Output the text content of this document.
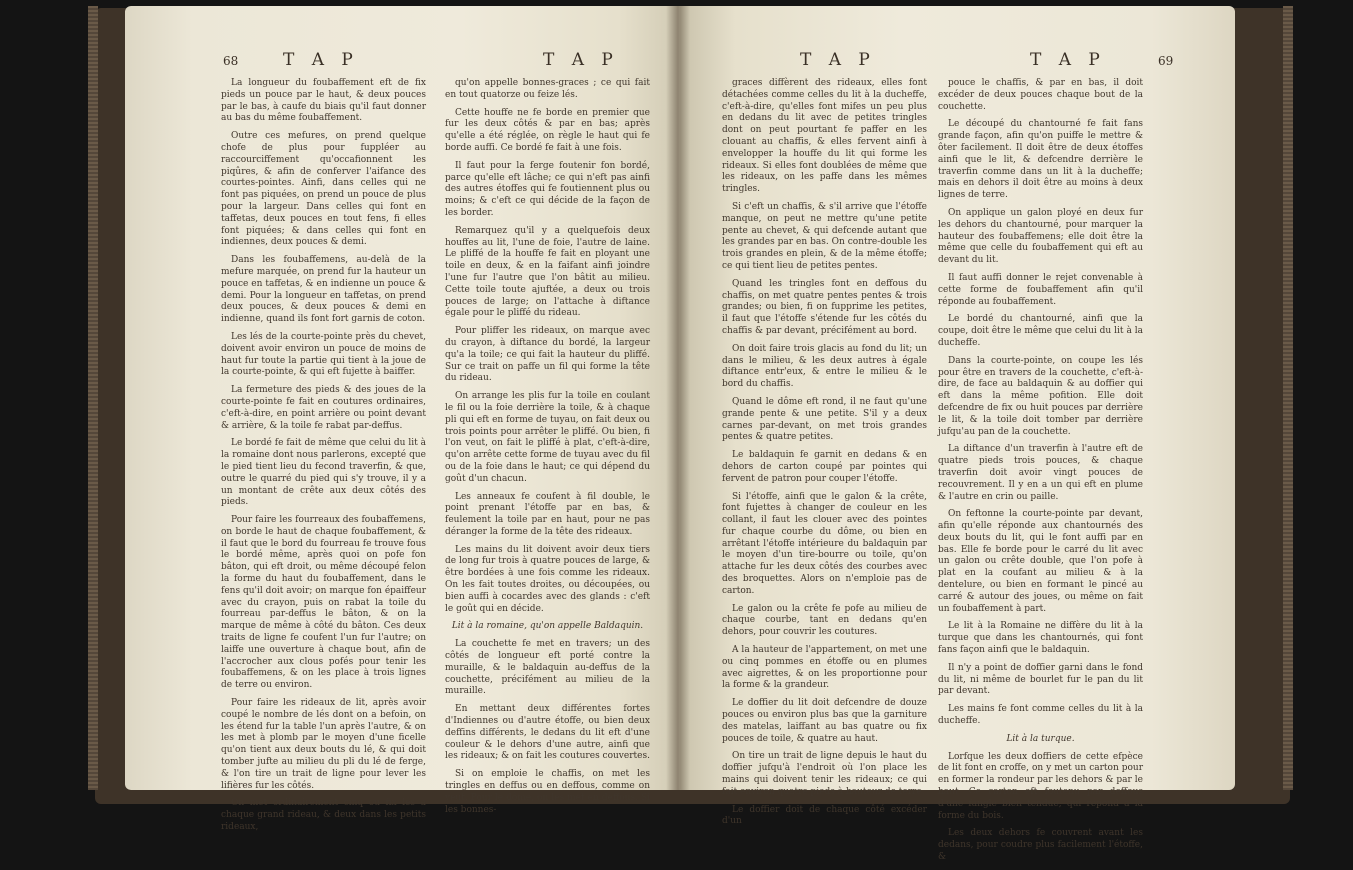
68	T A P	T A P

La longueur du foubaffement eft de fix pieds un pouce par le haut, & deux pouces par le bas, à caufe du biais qu'il faut donner au bas du même foubaffement.

Outre ces mefures, on prend quelque chofe de plus pour fuppléer au raccourciffement qu'occafionnent les piqûres, & afin de conferver l'aifance des courtes-pointes. Ainfi, dans celles qui ne font pas piquées, on prend un pouce de plus pour la largeur. Dans celles qui font en taffetas, deux pouces en tout fens, fi elles font piquées; & dans celles qui font en indiennes, deux pouces & demi.

Dans les foubaffemens, au-delà de la mefure marquée, on prend fur la hauteur un pouce en taffetas, & en indienne un pouce & demi. Pour la longueur en taffetas, on prend deux pouces, & deux pouces & demi en indienne, quand ils font fort garnis de coton.

Les lés de la courte-pointe près du chevet, doivent avoir environ un pouce de moins de haut fur toute la partie qui tient à la joue de la courte-pointe, & qui eft fujette à baiffer.

La fermeture des pieds & des joues de la courte-pointe fe fait en coutures ordinaires, c'eft-à-dire, en point arrière ou point devant & arrière, & la toile fe rabat par-deffus.

Le bordé fe fait de même que celui du lit à la romaine dont nous parlerons, excepté que le pied tient lieu du fecond traverfin, & que, outre le quarré du pied qui s'y trouve, il y a un montant de crête aux deux côtés des pieds.

Pour faire les fourreaux des foubaffemens, on borde le haut de chaque foubaffement, & il faut que le bord du fourreau fe trouve fous le bordé même, après quoi on pofe fon bâton, qui eft droit, ou même découpé felon la forme du haut du foubaffement, dans le fens qu'il doit avoir; on marque fon épaiffeur avec du crayon, puis on rabat la toile du fourreau par-deffus le bâton, & on la marque de même à côté du bâton. Ces deux traits de ligne fe coufent l'un fur l'autre; on laiffe une ouverture à chaque bout, afin de l'accrocher aux clous pofés pour tenir les foubaffemens, & on les place à trois lignes de terre ou environ.

Pour faire les rideaux de lit, après avoir coupé le nombre de lés dont on a befoin, on les étend fur la table l'un après l'autre, & on les met à plomb par le moyen d'une ficelle qu'on tient aux deux bouts du lé, & qui doit tomber jufte au milieu du pli du lé de ferge, & l'on tire un trait de ligne pour lever les lifières fur les côtés.

On met ordinairement cinq ou fix lés à chaque grand rideau, & deux dans les petits rideaux,

qu'on appelle bonnes-graces ; ce qui fait en tout quatorze ou feize lés.

Cette houffe ne fe borde en premier que fur les deux côtés & par en bas; après qu'elle a été réglée, on règle le haut qui fe borde auffi. Ce bordé fe fait à une fois.

Il faut pour la ferge foutenir fon bordé, parce qu'elle eft lâche; ce qui n'eft pas ainfi des autres étoffes qui fe foutiennent plus ou moins; & c'eft ce qui décide de la façon de les border.

Remarquez qu'il y a quelquefois deux houffes au lit, l'une de foie, l'autre de laine. Le pliffé de la houffe fe fait en ployant une toile en deux, & en la faifant ainfi joindre l'une fur l'autre que l'on bâtit au milieu. Cette toile toute ajuftée, a deux ou trois pouces de large; on l'attache à diftance égale pour le pliffé du rideau.

Pour pliffer les rideaux, on marque avec du crayon, à diftance du bordé, la largeur qu'a la toile; ce qui fait la hauteur du pliffé. Sur ce trait on paffe un fil qui forme la tête du rideau.

On arrange les plis fur la toile en coulant le fil ou la foie derrière la toile, & à chaque pli qui eft en forme de tuyau, on fait deux ou trois points pour arrêter le pliffé. Ou bien, fi l'on veut, on fait le pliffé à plat, c'eft-à-dire, qu'on arrête cette forme de tuyau avec du fil ou de la foie dans le haut; ce qui dépend du goût d'un chacun.

Les anneaux fe coufent à fil double, le point prenant l'étoffe par en bas, & feulement la toile par en haut, pour ne pas déranger la forme de la tête des rideaux.

Les mains du lit doivent avoir deux tiers de long fur trois à quatre pouces de large, & être bordées à une fois comme les rideaux. On les fait toutes droites, ou découpées, ou bien auffi à cocardes avec des glands : c'eft le goût qui en décide.

Lit à la romaine, qu'on appelle Baldaquin.

La couchette fe met en travers; un des côtés de longueur eft porté contre la muraille, & le baldaquin au-deffus de la couchette, précifément au milieu de la muraille.

En mettant deux différentes fortes d'Indiennes ou d'autre étoffe, ou bien deux deffins différents, le dedans du lit eft d'une couleur & le dehors d'une autre, ainfi que les rideaux; & on fait les coutures couvertes.

Si on emploie le chaffis, on met les tringles en deffus ou en deffous, comme on veut. Pour le dôme, on les met en deffous. Si les bonnes-

T A P	T A P	69

graces diffèrent des rideaux, elles font détachées comme celles du lit à la ducheffe, c'eft-à-dire, qu'elles font mifes un peu plus en dedans du lit avec de petites tringles dont on peut pourtant fe paffer en les clouant au chaffis, & elles fervent ainfi à envelopper la houffe du lit qui forme les rideaux. Si elles font doublées de même que les rideaux, on les paffe dans les mêmes tringles.

Si c'eft un chaffis, & s'il arrive que l'étoffe manque, on peut ne mettre qu'une petite pente au chevet, & qui defcende autant que les grandes par en bas. On contre-double les trois grandes en plein, & de la même étoffe; ce qui tient lieu de petites pentes.

Quand les tringles font en deffous du chaffis, on met quatre pentes pentes & trois grandes; ou bien, fi on fupprime les petites, il faut que l'étoffe s'étende fur les côtés du chaffis & par devant, précifément au bord.

On doit faire trois glacis au fond du lit; un dans le milieu, & les deux autres à égale diftance entr'eux, & entre le milieu & le bord du chaffis.

Quand le dôme eft rond, il ne faut qu'une grande pente & une petite. S'il y a deux carnes par-devant, on met trois grandes pentes & quatre petites.

Le baldaquin fe garnit en dedans & en dehors de carton coupé par pointes qui fervent de patron pour couper l'étoffe.

Si l'étoffe, ainfi que le galon & la crête, font fujettes à changer de couleur en les collant, il faut les clouer avec des pointes fur chaque courbe du dôme, ou bien en arrêtant l'étoffe intérieure du baldaquin par le moyen d'un tire-bourre ou toile, qu'on attache fur les deux côtés des courbes avec des broquettes. Alors on n'emploie pas de carton.

Le galon ou la crête fe pofe au milieu de chaque courbe, tant en dedans qu'en dehors, pour couvrir les coutures.

A la hauteur de l'appartement, on met une ou cinq pommes en étoffe ou en plumes avec aigrettes, & on les proportionne pour la forme & la grandeur.

Le doffier du lit doit defcendre de douze pouces ou environ plus bas que la garniture des matelas, laiffant au bas quatre ou fix pouces de toile, & quatre au haut.

On tire un trait de ligne depuis le haut du doffier jufqu'à l'endroit où l'on place les mains qui doivent tenir les rideaux; ce qui fait environ quatre pieds à hauteur de terre.

Le doffier doit de chaque côté excéder d'un

pouce le chaffis, & par en bas, il doit excéder de deux pouces chaque bout de la couchette.

Le découpé du chantourné fe fait fans grande façon, afin qu'on puiffe le mettre & ôter facilement. Il doit être de deux étoffes ainfi que le lit, & defcendre derrière le traverfin comme dans un lit à la ducheffe; mais en dehors il doit être au moins à deux lignes de terre.

On applique un galon ployé en deux fur les dehors du chantourné, pour marquer la hauteur des foubaffemens; elle doit être la même que celle du foubaffement qui eft au devant du lit.

Il faut auffi donner le rejet convenable à cette forme de foubaffement afin qu'il réponde au foubaffement.

Le bordé du chantourné, ainfi que la coupe, doit être le même que celui du lit à la ducheffe.

Dans la courte-pointe, on coupe les lés pour être en travers de la couchette, c'eft-à-dire, de face au baldaquin & au doffier qui eft dans la même pofition. Elle doit defcendre de fix ou huit pouces par derrière le lit, & la toile doit tomber par derrière jufqu'au pan de la couchette.

La diftance d'un traverfin à l'autre eft de quatre pieds trois pouces, & chaque traverfin doit avoir vingt pouces de recouvrement. Il y en a un qui eft en plume & l'autre en crin ou paille.

On feftonne la courte-pointe par devant, afin qu'elle réponde aux chantournés des deux bouts du lit, qui le font auffi par en bas. Elle fe borde pour le carré du lit avec un galon ou crête double, que l'on pofe à plat en la coufant au milieu & à la dentelure, ou bien en formant le pincé au carré & autour des joues, ou même on fait un foubaffement à part.

Le lit à la Romaine ne diffère du lit à la turque que dans les chantournés, qui font fans façon ainfi que le baldaquin.

Il n'y a point de doffier garni dans le fond du lit, ni même de bourlet fur le pan du lit par devant.

Les mains fe font comme celles du lit à la ducheffe.

Lit à la turque.

Lorfque les deux doffiers de cette efpèce de lit font en croffe, on y met un carton pour en former la rondeur par les dehors & par le haut. Ce carton eft foutenu par deffous d'une fangle bien tendue, qui répond à la forme du bois.

Les deux dehors fe couvrent avant les dedans, pour coudre plus facilement l'étoffe, &
